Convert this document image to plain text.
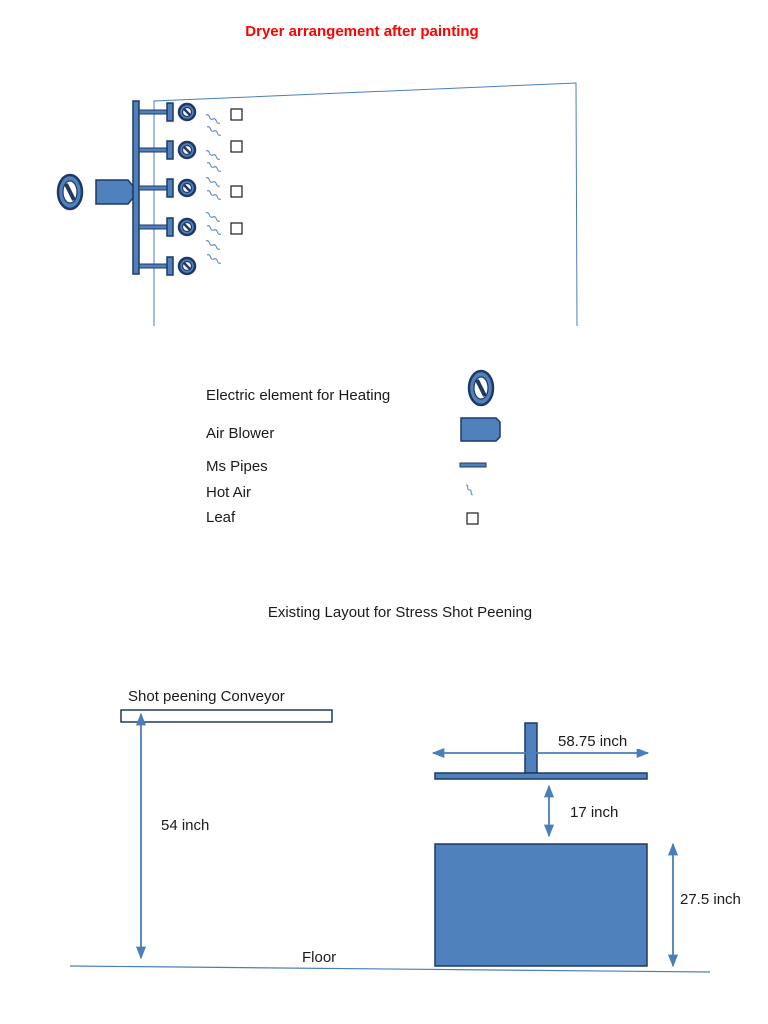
Dryer arrangement after painting
Electric element for Heating
Air Blower
Ms Pipes
Hot Air
Leaf
Existing Layout for Stress Shot Peening
Shot peening Conveyor
54 inch
58.75 inch
17 inch
27.5 inch
Floor
